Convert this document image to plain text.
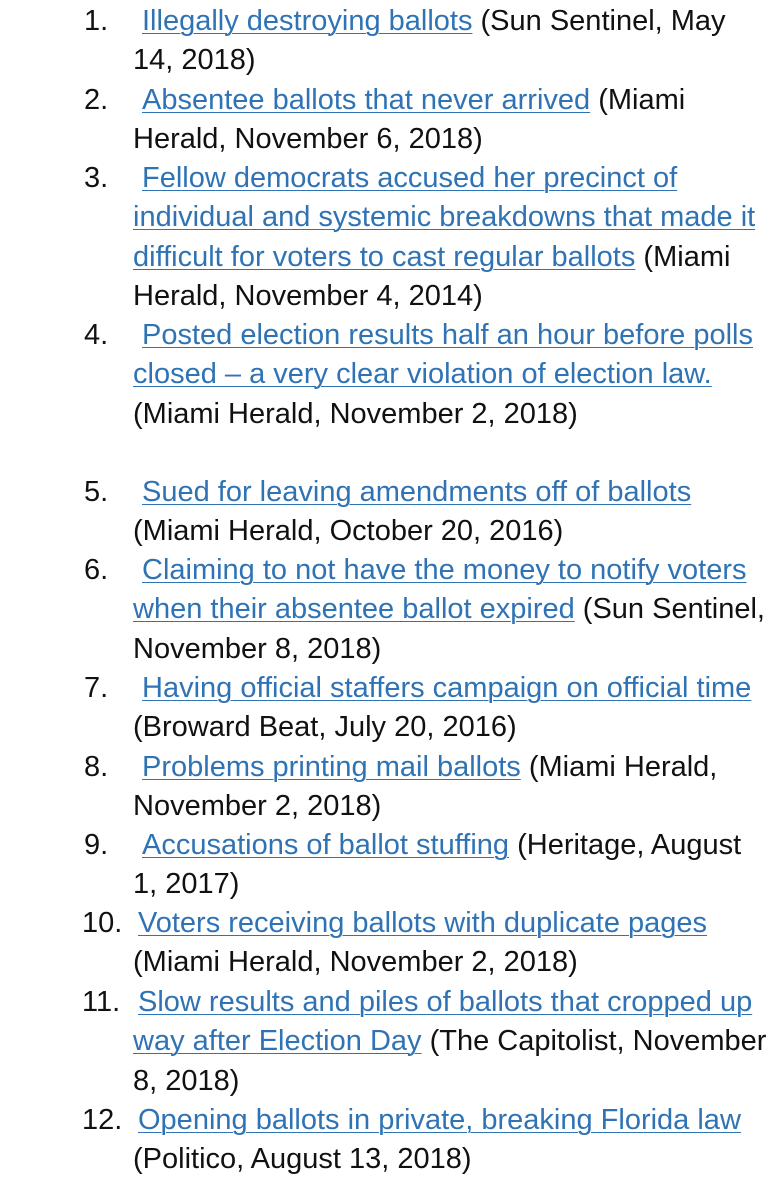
1.	Illegally destroying ballots (Sun Sentinel, May 14, 2018)
2.	Absentee ballots that never arrived (Miami Herald, November 6, 2018)
3.	Fellow democrats accused her precinct of individual and systemic breakdowns that made it difficult for voters to cast regular ballots (Miami Herald, November 4, 2014)
4.	Posted election results half an hour before polls closed – a very clear violation of election law. (Miami Herald, November 2, 2018)
5.	Sued for leaving amendments off of ballots (Miami Herald, October 20, 2016)
6.	Claiming to not have the money to notify voters when their absentee ballot expired (Sun Sentinel, November 8, 2018)
7.	Having official staffers campaign on official time (Broward Beat, July 20, 2016)
8.	Problems printing mail ballots (Miami Herald, November 2, 2018)
9.	Accusations of ballot stuffing (Heritage, August 1, 2017)
10. Voters receiving ballots with duplicate pages (Miami Herald, November 2, 2018)
11. Slow results and piles of ballots that cropped up way after Election Day (The Capitolist, November 8, 2018)
12. Opening ballots in private, breaking Florida law (Politico, August 13, 2018)
